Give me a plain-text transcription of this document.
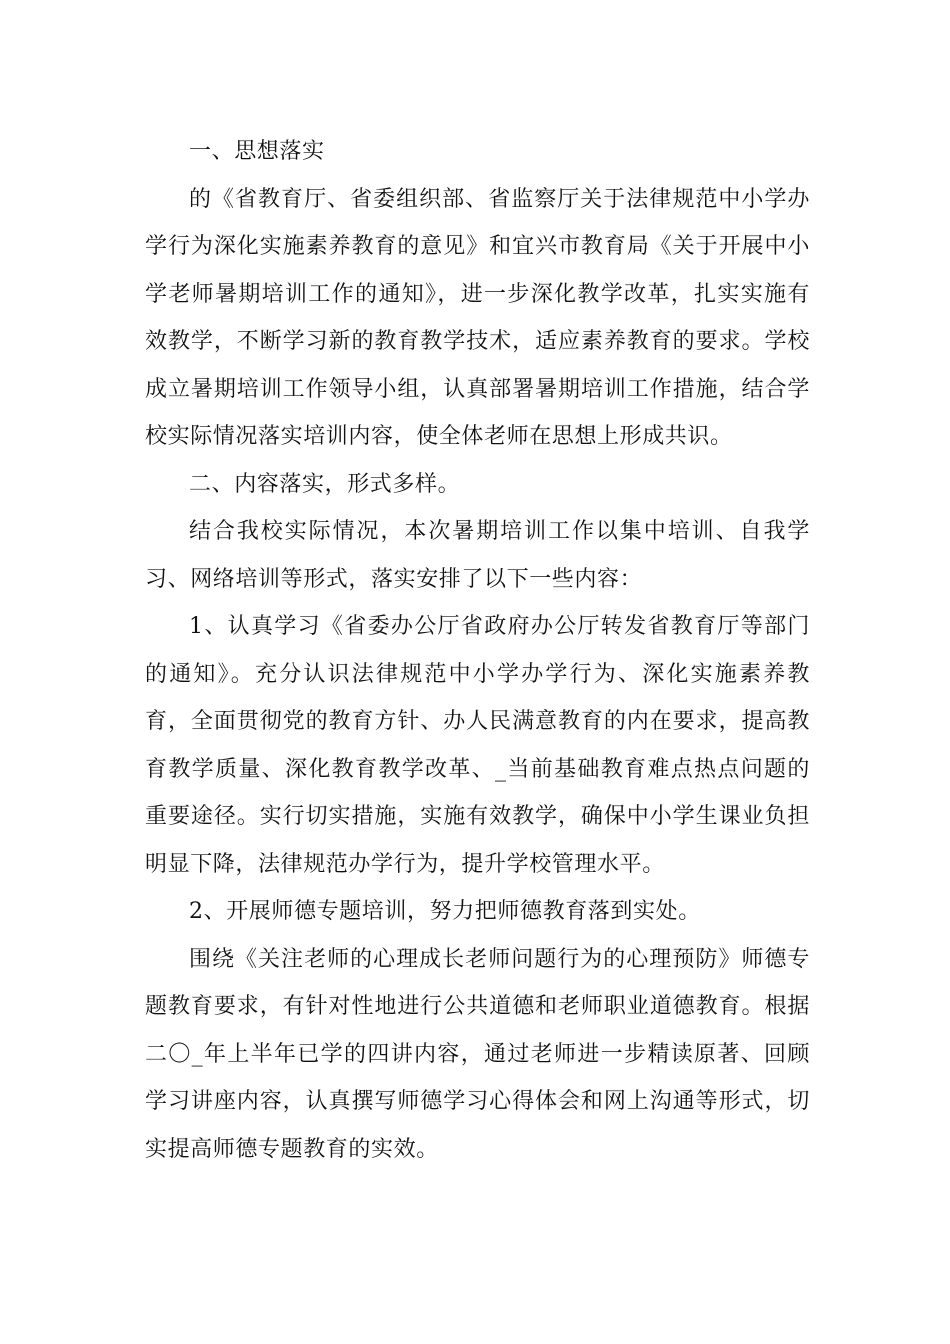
一、思想落实

的《省教育厅、省委组织部、省监察厅关于法律规范中小学办学行为深化实施素养教育的意见》和宜兴市教育局《关于开展中小学老师暑期培训工作的通知》，进一步深化教学改革，扎实实施有效教学，不断学习新的教育教学技术，适应素养教育的要求。学校成立暑期培训工作领导小组，认真部署暑期培训工作措施，结合学校实际情况落实培训内容，使全体老师在思想上形成共识。

二、内容落实，形式多样。

结合我校实际情况，本次暑期培训工作以集中培训、自我学习、网络培训等形式，落实安排了以下一些内容：

1、认真学习《省委办公厅省政府办公厅转发省教育厅等部门的通知》。充分认识法律规范中小学办学行为、深化实施素养教育，全面贯彻党的教育方针、办人民满意教育的内在要求，提高教育教学质量、深化教育教学改革、_当前基础教育难点热点问题的重要途径。实行切实措施，实施有效教学，确保中小学生课业负担明显下降，法律规范办学行为，提升学校管理水平。

2、开展师德专题培训，努力把师德教育落到实处。

围绕《关注老师的心理成长老师问题行为的心理预防》师德专题教育要求，有针对性地进行公共道德和老师职业道德教育。根据二〇_年上半年已学的四讲内容，通过老师进一步精读原著、回顾学习讲座内容，认真撰写师德学习心得体会和网上沟通等形式，切实提高师德专题教育的实效。
